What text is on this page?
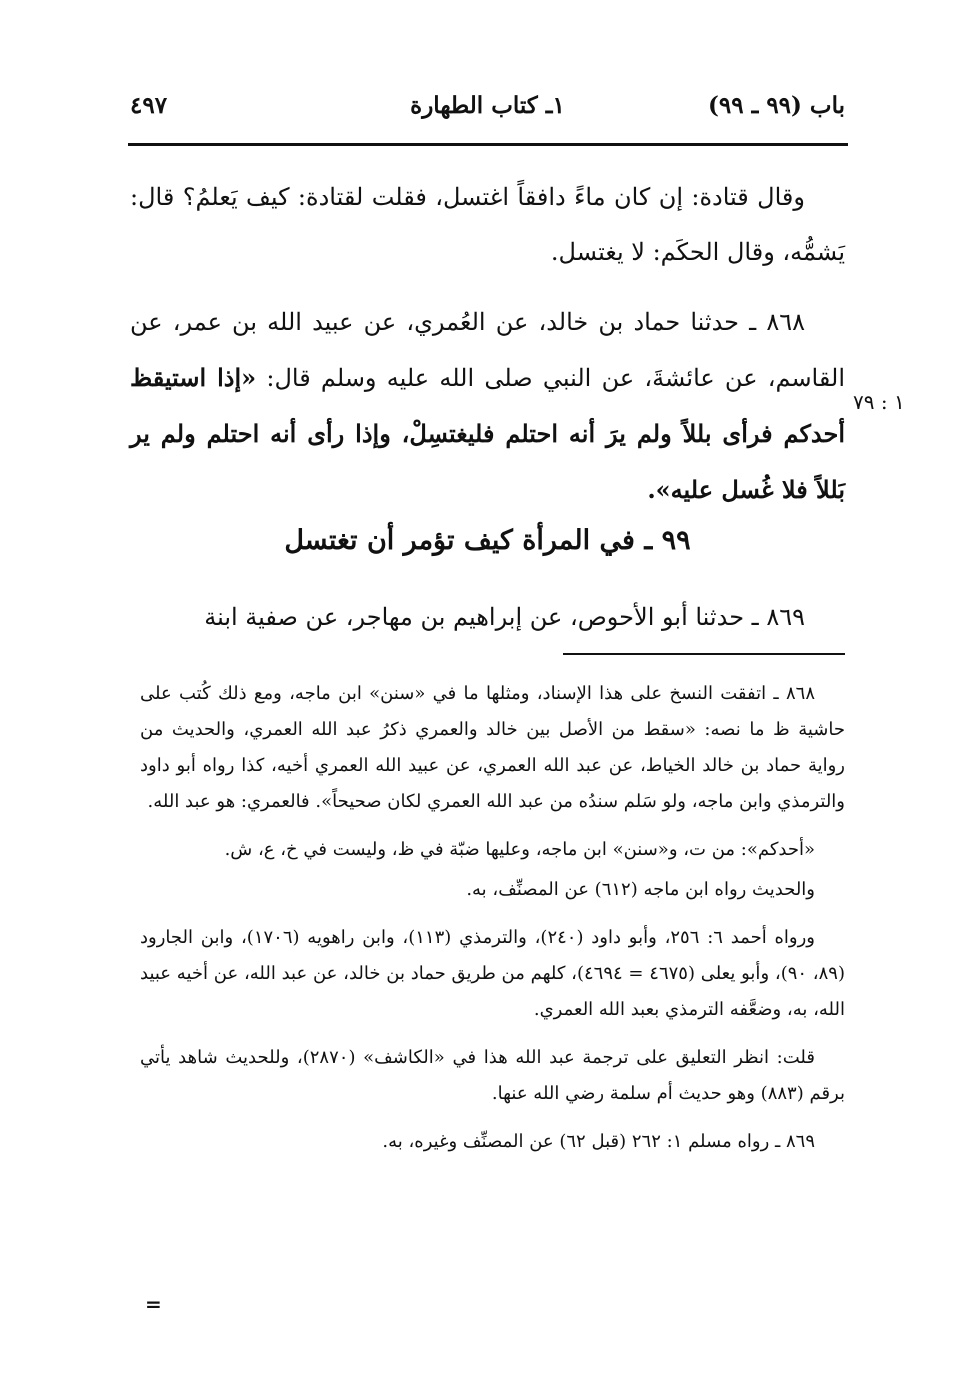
باب (٩٩ ـ ٩٩)
١ـ كتاب الطهارة
٤٩٧

وقال قتادة: إن كان ماءً دافقاً اغتسل، فقلت لقتادة: كيف يَعلمُ؟ قال: يَشمُّه، وقال الحكَم: لا يغتسل.

٨٦٨ ـ حدثنا حماد بن خالد، عن العُمري، عن عبيد الله بن عمر، عن القاسم، عن عائشةَ، عن النبي صلى الله عليه وسلم قال: «إذا استيقظ أحدكم فرأى بللاً ولم يرَ أنه احتلم فليغتسِلْ، وإذا رأى أنه احتلم ولم ير بَللاً فلا غُسل عليه».

١ : ٧٩
٩٩ ـ في المرأة كيف تؤمر أن تغتسل

٨٦٩ ـ حدثنا أبو الأحوص، عن إبراهيم بن مهاجر، عن صفية ابنة

٨٦٨ ـ اتفقت النسخ على هذا الإسناد، ومثلها ما في «سنن» ابن ماجه، ومع ذلك كُتب على حاشية ظ ما نصه: «سقط من الأصل بين خالد والعمري ذكرُ عبد الله العمري، والحديث من رواية حماد بن خالد الخياط، عن عبد الله العمري، عن عبيد الله العمري أخيه، كذا رواه أبو داود والترمذي وابن ماجه، ولو سَلم سندُه من عبد الله العمري لكان صحيحاً». فالعمري: هو عبد الله.

«أحدكم»: من ت، و«سنن» ابن ماجه، وعليها ضبّة في ظ، وليست في خ، ع، ش.

والحديث رواه ابن ماجه (٦١٢) عن المصنِّف، به.

ورواه أحمد ٦: ٢٥٦، وأبو داود (٢٤٠)، والترمذي (١١٣)، وابن راهويه (١٧٠٦)، وابن الجارود (٨٩، ٩٠)، وأبو يعلى (٤٦٧٥ = ٤٦٩٤)، كلهم من طريق حماد بن خالد، عن عبد الله، عن أخيه عبيد الله، به، وضعَّفه الترمذي بعبد الله العمري.

قلت: انظر التعليق على ترجمة عبد الله هذا في «الكاشف» (٢٨٧٠)، وللحديث شاهد يأتي برقم (٨٨٣) وهو حديث أم سلمة رضي الله عنها.

٨٦٩ ـ رواه مسلم ١: ٢٦٢ (قبل ٦٢) عن المصنِّف وغيره، به.

=
